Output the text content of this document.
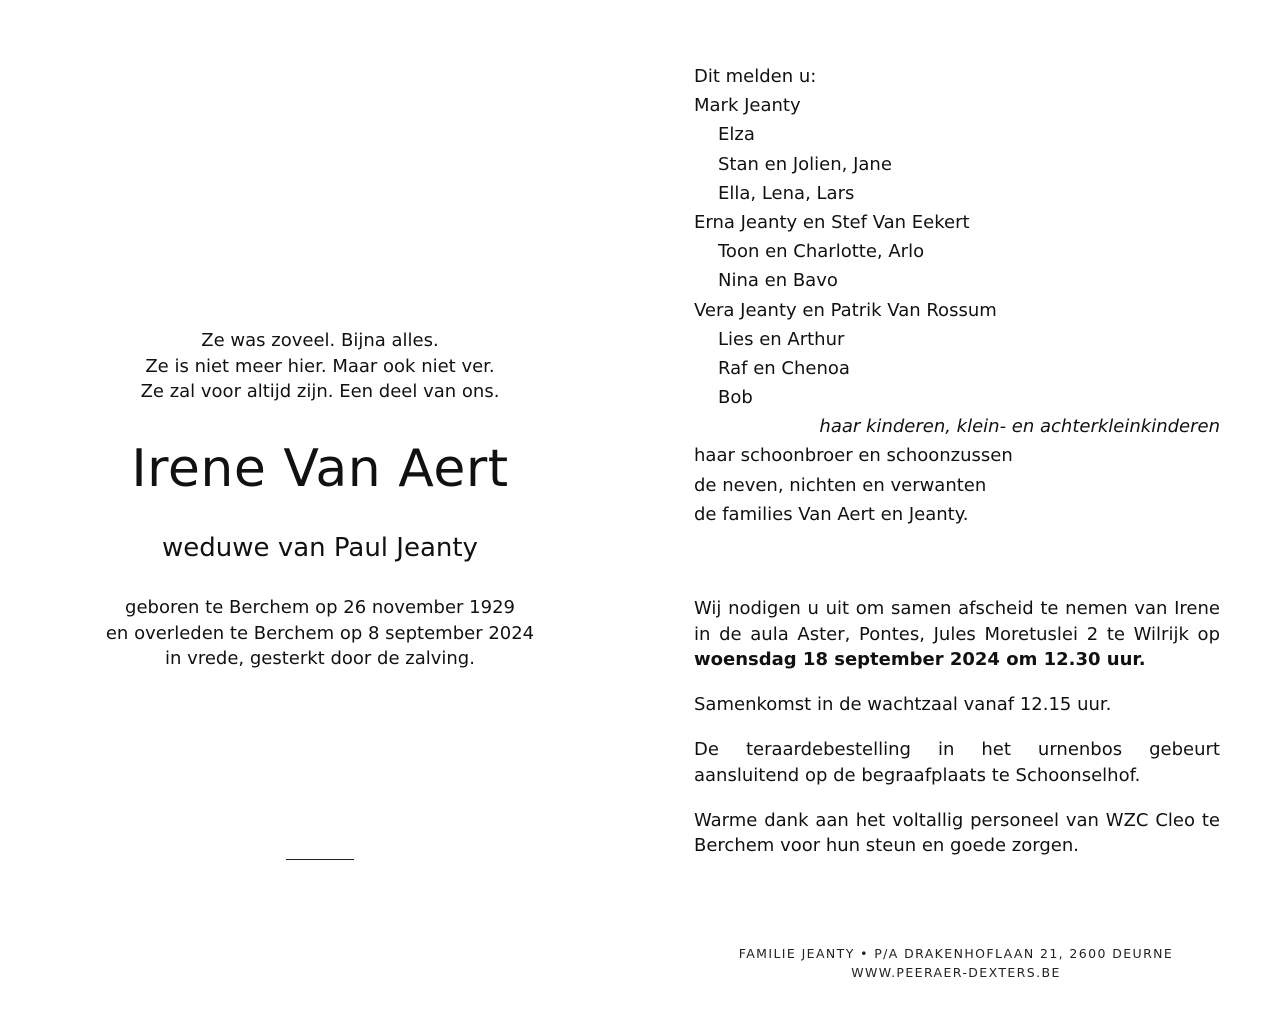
Ze was zoveel. Bijna alles.
Ze is niet meer hier. Maar ook niet ver.
Ze zal voor altijd zijn. Een deel van ons.
Irene Van Aert
weduwe van Paul Jeanty
geboren te Berchem op 26 november 1929
en overleden te Berchem op 8 september 2024
in vrede, gesterkt door de zalving.
Dit melden u:
Mark Jeanty
Elza
Stan en Jolien, Jane
Ella, Lena, Lars
Erna Jeanty en Stef Van Eekert
Toon en Charlotte, Arlo
Nina en Bavo
Vera Jeanty en Patrik Van Rossum
Lies en Arthur
Raf en Chenoa
Bob
haar kinderen, klein- en achterkleinkinderen
haar schoonbroer en schoonzussen
de neven, nichten en verwanten
de families Van Aert en Jeanty.

Wij nodigen u uit om samen afscheid te nemen van Irene in de aula Aster, Pontes, Jules Moretuslei 2 te Wilrijk op woensdag 18 september 2024 om 12.30 uur.

Samenkomst in de wachtzaal vanaf 12.15 uur.

De teraardebestelling in het urnenbos gebeurt aansluitend op de begraafplaats te Schoonselhof.

Warme dank aan het voltallig personeel van WZC Cleo te Berchem voor hun steun en goede zorgen.

FAMILIE JEANTY • P/A DRAKENHOFLAAN 21, 2600 DEURNE
WWW.PEERAER-DEXTERS.BE
